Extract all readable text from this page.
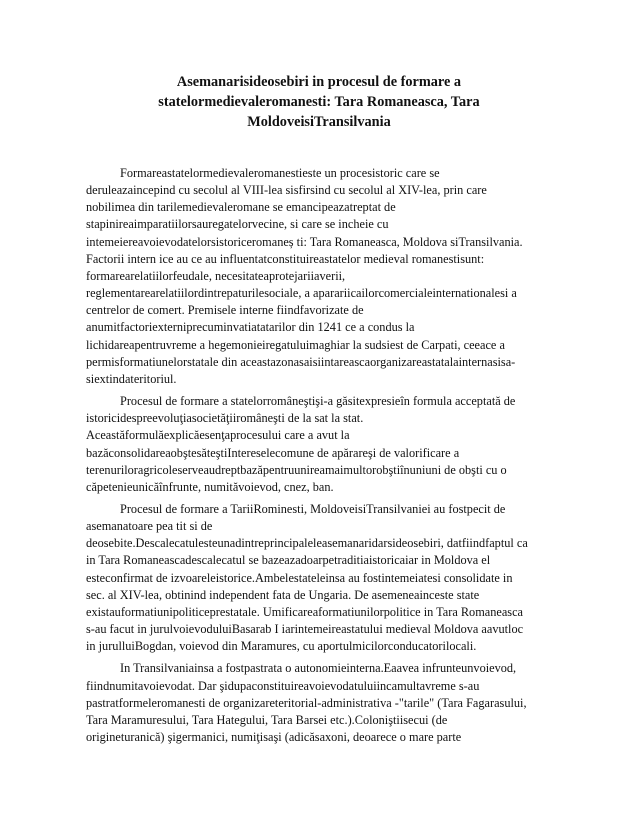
Asemanarisideosebiri in procesul de formare a
statelormedievaleromanesti: Tara Romaneasca, Tara
MoldoveisiTransilvania

Formareastatelormedievaleromanestieste un procesistoric care se
deruleazaincepind cu secolul al VIII-lea sisfirsind cu secolul al XIV-lea, prin care
nobilimea din tarilemedievaleromane se emancipeazatreptat de
stapinireaimparatiilorsauregatelorvecine, si care se incheie cu
intemeiereavoievodatelorsistoriceromaneș ti: Tara Romaneasca, Moldova siTransilvania.
Factorii intern ice au ce au influentatconstituireastatelor medieval romanestisunt:
formarearelatiilorfeudale, necesitateaprotejariiaverii,
reglementarearelatiilordintrepaturilesociale, a aparariicailorcomercialeinternationalesi a
centrelor de comert. Premisele interne fiindfavorizate de
anumitfactoriexterniprecuminvatiatatarilor din 1241 ce a condus la
lichidareapentruvreme a hegemonieiregatuluimaghiar la sudsiest de Carpati, ceeace a
permisformatiunelorstatale din aceastazonasaisiintareascaorganizareastatalainternasisa-
siextindateritoriul.

Procesul de formare a statelorromâneştişi-a găsitexpresieîn formula acceptată de
istoricidespreevoluţiasocietăţiiromâneşti de la sat la stat.
Aceastăformulăexplicăesenţaprocesului care a avut la
bazăconsolidareaobştesăteştiIntereselecomune de apărareşi de valorificare a
terenuriloragricoleserveaudreptbazăpentruunireamaimultorobştiînuniuni de obşti cu o
căpetenieunicăînfrunte, numităvoievod, cnez, ban.

Procesul de formare a TariiRominesti, MoldoveisiTransilvaniei au fostpecit de
asemanatoare pea tit si de
deosebite.Descalecatulesteunadintreprincipaleleasemanaridarsideosebiri, datfiindfaptul ca
in Tara Romaneascadescalecatul se bazeazadoarpetraditiaistoricaiar in Moldova el
esteconfirmat de izvoareleistorice.Ambelestateleinsa au fostintemeiatesi consolidate in
sec. al XIV-lea, obtinind independent fata de Ungaria. De asemeneainceste state
existauformatiunipoliticeprestatale. Umificareaformatiunilorpolitice in Tara Romaneasca
s-au facut in jurulvoievoduluiBasarab I iarintemeireastatului medieval Moldova aavutloc
in jurulluiBogdan, voievod din Maramures, cu aportulmicilorconducatorilocali.

In Transilvaniainsa a fostpastrata o autonomieinterna.Eaavea infrunteunvoievod,
fiindnumitavoievodat. Dar şidupaconstituireavoievodatuluiincamultavreme s-au
pastratformeleromanesti de organizareteritorial-administrativa -"tarile" (Tara Fagarasului,
Tara Maramuresului, Tara Hategului, Tara Barsei etc.).Coloniştiisecui (de
origineturanică) şigermanici, numiţisaşi (adicăsaxoni, deoarece o mare parte
